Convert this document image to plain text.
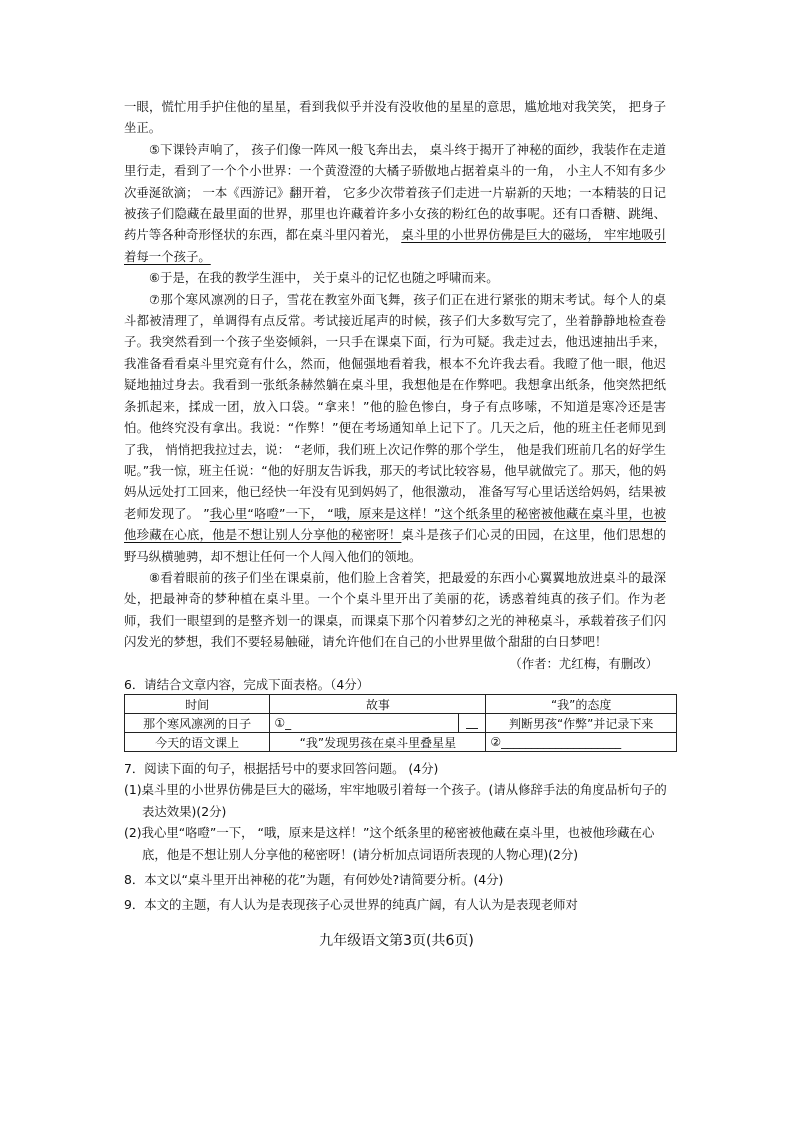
一眼，慌忙用手护住他的星星，看到我似乎并没有没收他的星星的意思，尴尬地对我笑笑， 把身子坐正。

⑤下课铃声响了， 孩子们像一阵风一般飞奔出去， 桌斗终于揭开了神秘的面纱，我装作在走道里行走，看到了一个个小世界：一个黄澄澄的大橘子骄傲地占据着桌斗的一角， 小主人不知有多少次垂涎欲滴； 一本《西游记》翻开着， 它多少次带着孩子们走进一片崭新的天地；一本精装的日记被孩子们隐藏在最里面的世界，那里也许藏着许多小女孩的粉红色的故事呢。还有口香糖、跳绳、 药片等各种奇形怪状的东西，都在桌斗里闪着光， 桌斗里的小世界仿佛是巨大的磁场， 牢牢地吸引着每一个孩子。

⑥于是，在我的教学生涯中， 关于桌斗的记忆也随之呼啸而来。

⑦那个寒风凛冽的日子，雪花在教室外面飞舞，孩子们正在进行紧张的期末考试。每个人的桌斗都被清理了，单调得有点反常。考试接近尾声的时候，孩子们大多数写完了，坐着静静地检查卷子。我突然看到一个孩子坐姿倾斜，一只手在课桌下面，行为可疑。我走过去，他迅速抽出手来，我准备看看桌斗里究竟有什么，然而，他倔强地看着我，根本不允许我去看。我瞪了他一眼，他迟疑地抽过身去。我看到一张纸条赫然躺在桌斗里，我想他是在作弊吧。我想拿出纸条，他突然把纸条抓起来，揉成一团，放入口袋。“拿来！”他的脸色惨白，身子有点哆嗦，不知道是寒冷还是害怕。他终究没有拿出。我说：“作弊！”便在考场通知单上记下了。几天之后，他的班主任老师见到了我， 悄悄把我拉过去，说： “老师，我们班上次记作弊的那个学生， 他是我们班前几名的好学生呢。”我一惊，班主任说：“他的好朋友告诉我，那天的考试比较容易，他早就做完了。那天，他的妈妈从远处打工回来，他已经快一年没有见到妈妈了，他很激动， 准备写写心里话送给妈妈，结果被老师发现了。 ”我心里“咯噔”一下， “哦，原来是这样！”这个纸条里的秘密被他藏在桌斗里，也被他珍藏在心底，他是不想让别人分享他的秘密呀！桌斗是孩子们心灵的田园，在这里，他们思想的野马纵横驰骋，却不想让任何一个人闯入他们的领地。

⑧看着眼前的孩子们坐在课桌前，他们脸上含着笑，把最爱的东西小心翼翼地放进桌斗的最深处，把最神奇的梦种植在桌斗里。一个个桌斗里开出了美丽的花，诱惑着纯真的孩子们。作为老师，我们一眼望到的是整齐划一的课桌，而课桌下那个闪着梦幻之光的神秘桌斗，承载着孩子们闪闪发光的梦想，我们不要轻易触碰，请允许他们在自己的小世界里做个甜甜的白日梦吧！

（作者：尤红梅，有删改）

6．请结合文章内容，完成下面表格。（4分）
时间	故事		“我”的态度
那个寒风凛冽的日子	①_		判断男孩“作弊”并记录下来
今天的语文课上	“我”发现男孩在桌斗里叠星星		②____________________

7．阅读下面的句子，根据括号中的要求回答问题。 (4分)

(1)桌斗里的小世界仿佛是巨大的磁场，牢牢地吸引着每一个孩子。(请从修辞手法的角度品析句子的表达效果)(2分)

(2)我心里“咯噔”一下， “哦，原来是这样！”这个纸条里的秘密被他藏在桌斗里，也被他珍藏在心底，他是不想让别人分享他的秘密呀！(请分析加点词语所表现的人物心理)(2分)

8．本文以“桌斗里开出神秘的花”为题，有何妙处?请简要分析。(4分)

9．本文的主题，有人认为是表现孩子心灵世界的纯真广阔，有人认为是表现老师对

九年级语文第3页(共6页)
